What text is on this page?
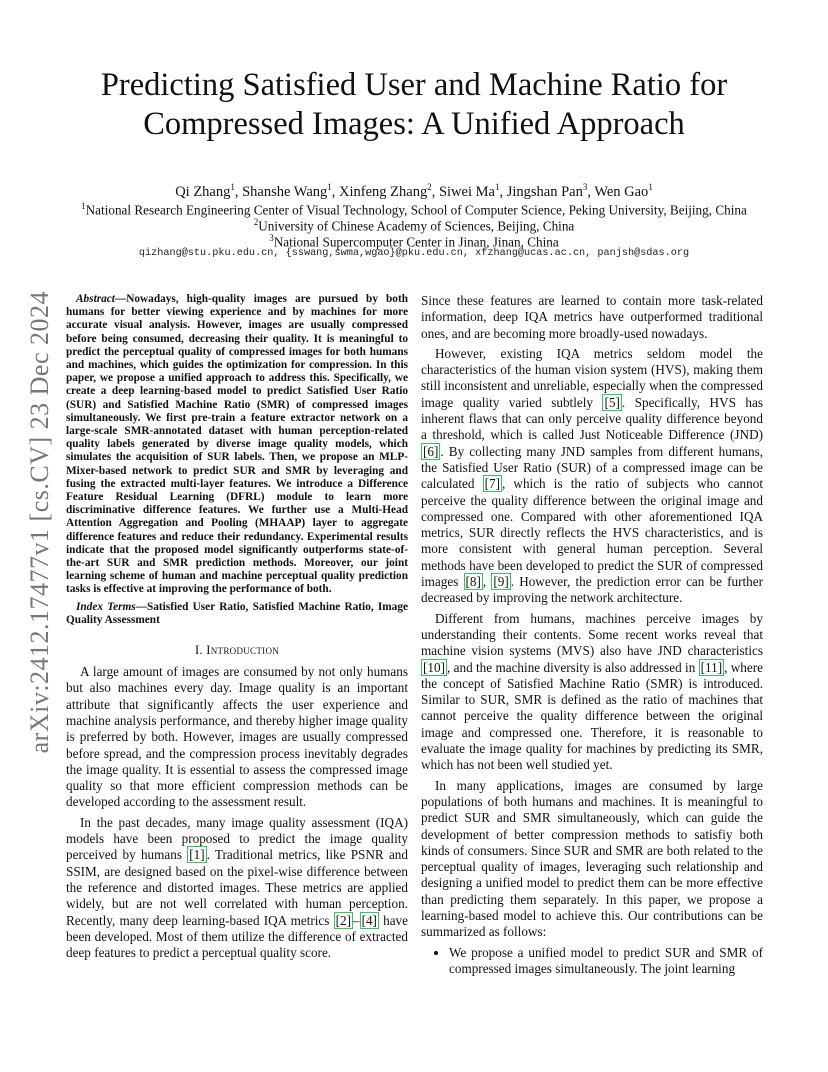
arXiv:2412.17477v1 [cs.CV] 23 Dec 2024
Predicting Satisfied User and Machine Ratio for
Compressed Images: A Unified Approach
Qi Zhang$^1$, Shanshe Wang$^1$, Xinfeng Zhang$^2$, Siwei Ma$^1$, Jingshan Pan$^3$, Wen Gao$^1$
$^1$National Research Engineering Center of Visual Technology, School of Computer Science, Peking University, Beijing, China
$^2$University of Chinese Academy of Sciences, Beijing, China
$^3$National Supercomputer Center in Jinan, Jinan, China
qizhang@stu.pku.edu.cn, {sswang,swma,wgao}@pku.edu.cn, xfzhang@ucas.ac.cn, panjsh@sdas.org

Abstract—Nowadays, high-quality images are pursued by both humans for better viewing experience and by machines for more accurate visual analysis. However, images are usually compressed before being consumed, decreasing their quality. It is meaningful to predict the perceptual quality of compressed images for both humans and machines, which guides the optimization for compression. In this paper, we propose a unified approach to address this. Specifically, we create a deep learning-based model to predict Satisfied User Ratio (SUR) and Satisfied Machine Ratio (SMR) of compressed images simultaneously. We first pre-train a feature extractor network on a large-scale SMR-annotated dataset with human perception-related quality labels generated by diverse image quality models, which simulates the acquisition of SUR labels. Then, we propose an MLP-Mixer-based network to predict SUR and SMR by leveraging and fusing the extracted multi-layer features. We introduce a Difference Feature Residual Learning (DFRL) module to learn more discriminative difference features. We further use a Multi-Head Attention Aggregation and Pooling (MHAAP) layer to aggregate difference features and reduce their redundancy. Experimental results indicate that the proposed model significantly outperforms state-of-the-art SUR and SMR prediction methods. Moreover, our joint learning scheme of human and machine perceptual quality prediction tasks is effective at improving the performance of both.

Index Terms—Satisfied User Ratio, Satisfied Machine Ratio, Image Quality Assessment

I. Introduction

A large amount of images are consumed by not only humans but also machines every day. Image quality is an important attribute that significantly affects the user experience and machine analysis performance, and thereby higher image quality is preferred by both. However, images are usually compressed before spread, and the compression process inevitably degrades the image quality. It is essential to assess the compressed image quality so that more efficient compression methods can be developed according to the assessment result.

In the past decades, many image quality assessment (IQA) models have been proposed to predict the image quality perceived by humans [1] . Traditional metrics, like PSNR and SSIM, are designed based on the pixel-wise difference between the reference and distorted images. These metrics are applied widely, but are not well correlated with human perception. Recently, many deep learning-based IQA metrics [2] – [4] have been developed. Most of them utilize the difference of extracted deep features to predict a perceptual quality score.

Since these features are learned to contain more task-related information, deep IQA metrics have outperformed traditional ones, and are becoming more broadly-used nowadays.

However, existing IQA metrics seldom model the characteristics of the human vision system (HVS), making them still inconsistent and unreliable, especially when the compressed image quality varied subtlely [5] . Specifically, HVS has inherent flaws that can only perceive quality difference beyond a threshold, which is called Just Noticeable Difference (JND) [6] . By collecting many JND samples from different humans, the Satisfied User Ratio (SUR) of a compressed image can be calculated [7] , which is the ratio of subjects who cannot perceive the quality difference between the original image and compressed one. Compared with other aforementioned IQA metrics, SUR directly reflects the HVS characteristics, and is more consistent with general human perception. Several methods have been developed to predict the SUR of compressed images [8] , [9] . However, the prediction error can be further decreased by improving the network architecture.

Different from humans, machines perceive images by understanding their contents. Some recent works reveal that machine vision systems (MVS) also have JND characteristics [10] , and the machine diversity is also addressed in [11] , where the concept of Satisfied Machine Ratio (SMR) is introduced. Similar to SUR, SMR is defined as the ratio of machines that cannot perceive the quality difference between the original image and compressed one. Therefore, it is reasonable to evaluate the image quality for machines by predicting its SMR, which has not been well studied yet.

In many applications, images are consumed by large populations of both humans and machines. It is meaningful to predict SUR and SMR simultaneously, which can guide the development of better compression methods to satisfiy both kinds of consumers. Since SUR and SMR are both related to the perceptual quality of images, leveraging such relationship and designing a unified model to predict them can be more effective than predicting them separately. In this paper, we propose a learning-based model to achieve this. Our contributions can be summarized as follows:

• We propose a unified model to predict SUR and SMR of compressed images simultaneously. The joint learning
